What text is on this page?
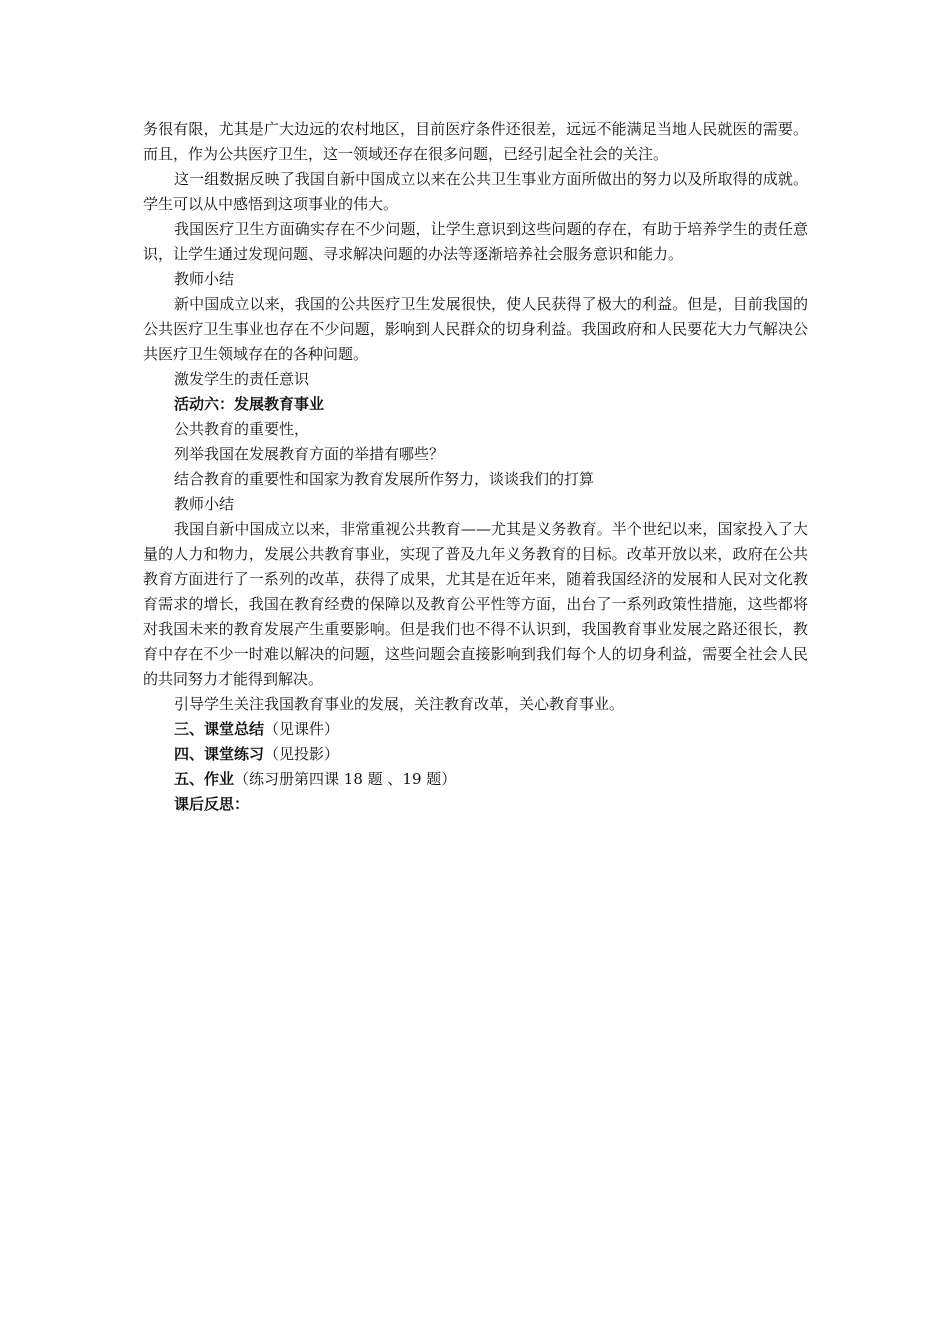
务很有限，尤其是广大边远的农村地区，目前医疗条件还很差，远远不能满足当地人民就医的需要。而且，作为公共医疗卫生，这一领域还存在很多问题，已经引起全社会的关注。

这一组数据反映了我国自新中国成立以来在公共卫生事业方面所做出的努力以及所取得的成就。学生可以从中感悟到这项事业的伟大。

我国医疗卫生方面确实存在不少问题，让学生意识到这些问题的存在，有助于培养学生的责任意识，让学生通过发现问题、寻求解决问题的办法等逐渐培养社会服务意识和能力。

教师小结

新中国成立以来，我国的公共医疗卫生发展很快，使人民获得了极大的利益。但是，目前我国的公共医疗卫生事业也存在不少问题，影响到人民群众的切身利益。我国政府和人民要花大力气解决公共医疗卫生领域存在的各种问题。

激发学生的责任意识

活动六：发展教育事业

公共教育的重要性，

列举我国在发展教育方面的举措有哪些？

结合教育的重要性和国家为教育发展所作努力，谈谈我们的打算

教师小结

我国自新中国成立以来，非常重视公共教育——尤其是义务教育。半个世纪以来，国家投入了大量的人力和物力，发展公共教育事业，实现了普及九年义务教育的目标。改革开放以来，政府在公共教育方面进行了一系列的改革，获得了成果，尤其是在近年来，随着我国经济的发展和人民对文化教育需求的增长，我国在教育经费的保障以及教育公平性等方面，出台了一系列政策性措施，这些都将对我国未来的教育发展产生重要影响。但是我们也不得不认识到，我国教育事业发展之路还很长，教育中存在不少一时难以解决的问题，这些问题会直接影响到我们每个人的切身利益，需要全社会人民的共同努力才能得到解决。

引导学生关注我国教育事业的发展，关注教育改革，关心教育事业。

三、课堂总结（见课件）

四、课堂练习（见投影）

五、作业（练习册第四课 18 题 、19 题）

课后反思：
